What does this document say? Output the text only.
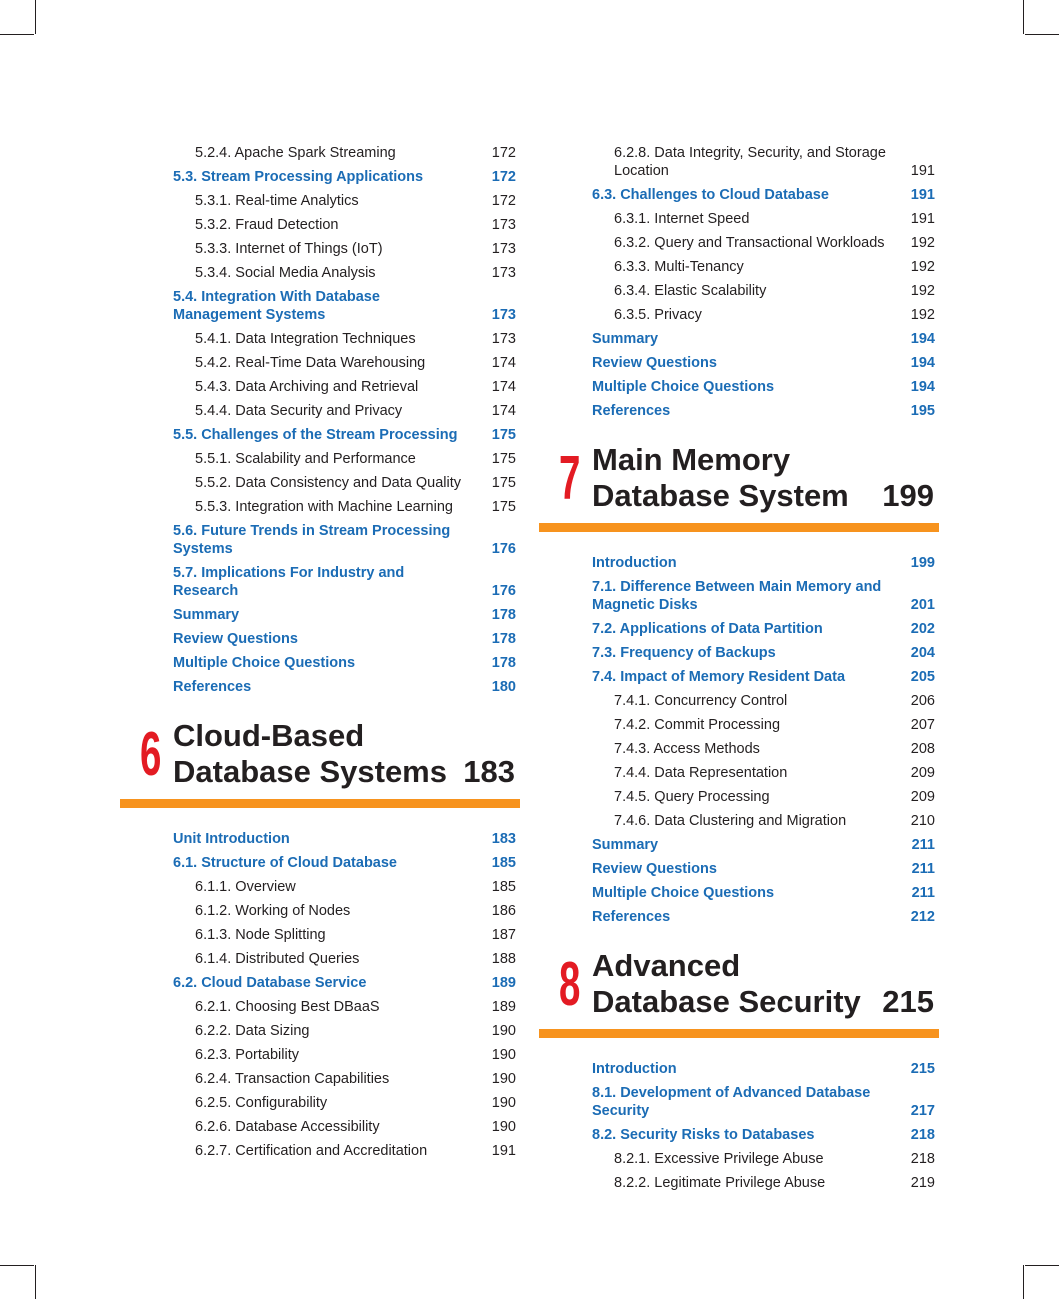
5.2.4. Apache Spark Streaming	172
5.3. Stream Processing Applications	172
5.3.1. Real-time Analytics	172
5.3.2. Fraud Detection	173
5.3.3. Internet of Things (IoT)	173
5.3.4. Social Media Analysis	173
5.4. Integration With Database Management Systems	173
5.4.1. Data Integration Techniques	173
5.4.2. Real-Time Data Warehousing	174
5.4.3. Data Archiving and Retrieval	174
5.4.4. Data Security and Privacy	174
5.5. Challenges of the Stream Processing	175
5.5.1. Scalability and Performance	175
5.5.2. Data Consistency and Data Quality	175
5.5.3. Integration with Machine Learning	175
5.6. Future Trends in Stream Processing Systems	176
5.7. Implications For Industry and Research	176
Summary	178
Review Questions	178
Multiple Choice Questions	178
References	180
6 Cloud-Based Database Systems 183
Unit Introduction	183
6.1. Structure of Cloud Database	185
6.1.1. Overview	185
6.1.2. Working of Nodes	186
6.1.3. Node Splitting	187
6.1.4. Distributed Queries	188
6.2. Cloud Database Service	189
6.2.1. Choosing Best DBaaS	189
6.2.2. Data Sizing	190
6.2.3. Portability	190
6.2.4. Transaction Capabilities	190
6.2.5. Configurability	190
6.2.6. Database Accessibility	190
6.2.7. Certification and Accreditation	191
6.2.8. Data Integrity, Security, and Storage Location	191
6.3. Challenges to Cloud Database	191
6.3.1. Internet Speed	191
6.3.2. Query and Transactional Workloads	192
6.3.3. Multi-Tenancy	192
6.3.4. Elastic Scalability	192
6.3.5. Privacy	192
Summary	194
Review Questions	194
Multiple Choice Questions	194
References	195
7 Main Memory Database System	199
Introduction	199
7.1. Difference Between Main Memory and Magnetic Disks	201
7.2. Applications of Data Partition	202
7.3. Frequency of Backups	204
7.4. Impact of Memory Resident Data	205
7.4.1. Concurrency Control	206
7.4.2. Commit Processing	207
7.4.3. Access Methods	208
7.4.4. Data Representation	209
7.4.5. Query Processing	209
7.4.6. Data Clustering and Migration	210
Summary	211
Review Questions	211
Multiple Choice Questions	211
References	212
8 Advanced Database Security 215
Introduction	215
8.1. Development of Advanced Database Security	217
8.2. Security Risks to Databases	218
8.2.1. Excessive Privilege Abuse	218
8.2.2. Legitimate Privilege Abuse	219
